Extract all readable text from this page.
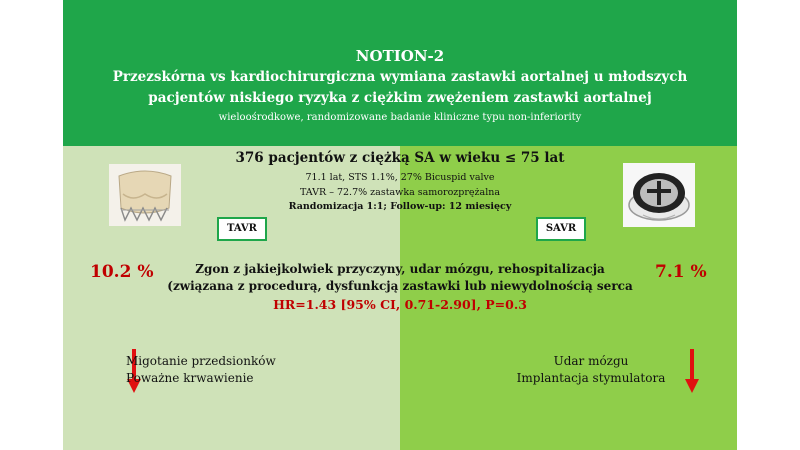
NOTION-2
Przezskórna vs kardiochirurgiczna wymiana zastawki aortalnej u młodszych
pacjentów niskiego ryzyka z ciężkim zwężeniem zastawki aortalnej
wieloośrodkowe, randomizowane badanie kliniczne typu non-inferiority
376 pacjentów z ciężką SA w wieku ≤ 75 lat
71.1 lat, STS 1.1%, 27% Bicuspid valve
TAVR – 72.7% zastawka samorozprężalna
Randomizacja 1:1; Follow-up: 12 miesięcy
TAVR	SAVR
10.2 %	7.1 %
Zgon z jakiejkolwiek przyczyny, udar mózgu, rehospitalizacja
(związana z procedurą, dysfunkcją zastawki lub niewydolnością serca
HR=1.43 [95% CI, 0.71-2.90], P=0.3
Migotanie przedsionków
Poważne krwawienie
Udar mózgu
Implantacja stymulatora
